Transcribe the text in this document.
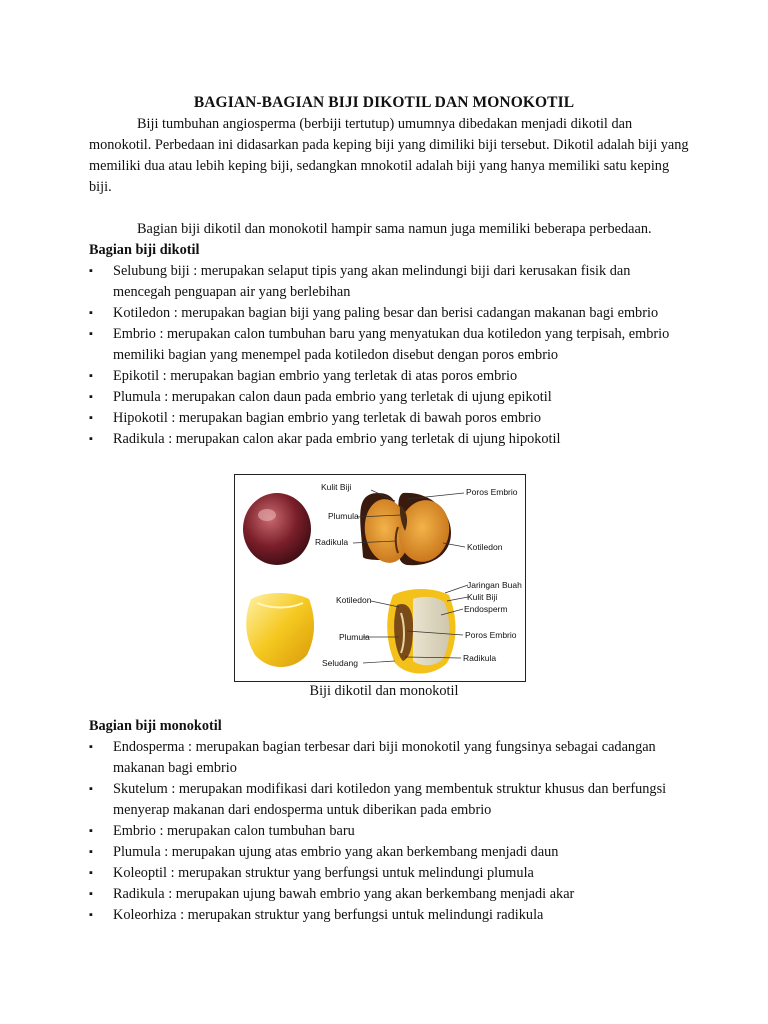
BAGIAN-BAGIAN BIJI DIKOTIL DAN MONOKOTIL

Biji tumbuhan angiosperma (berbiji tertutup) umumnya dibedakan menjadi dikotil dan monokotil. Perbedaan ini didasarkan pada keping biji yang dimiliki biji tersebut. Dikotil adalah biji yang memiliki dua atau lebih keping biji, sedangkan mnokotil adalah biji yang hanya memiliki satu keping biji.

Bagian biji dikotil dan monokotil hampir sama namun juga memiliki beberapa perbedaan.

Bagian biji dikotil
▪ Selubung biji : merupakan selaput tipis yang akan melindungi biji dari kerusakan fisik dan mencegah penguapan air yang berlebihan
▪ Kotiledon : merupakan bagian biji yang paling besar dan berisi cadangan makanan bagi embrio
▪ Embrio : merupakan calon tumbuhan baru yang menyatukan dua kotiledon yang terpisah, embrio memiliki bagian yang menempel pada kotiledon disebut dengan poros embrio
▪ Epikotil : merupakan bagian embrio yang terletak di atas poros embrio
▪ Plumula : merupakan calon daun pada embrio yang terletak di ujung epikotil
▪ Hipokotil : merupakan bagian embrio yang terletak di bawah poros embrio
▪ Radikula : merupakan calon akar pada embrio yang terletak di ujung hipokotil
Kulit Biji
Plumula
Radikula
Poros Embrio
Kotiledon
Jaringan Buah
Kulit Biji
Endosperm
Poros Embrio
Radikula
Kotiledon
Plumula
Seludang
Biji dikotil dan monokotil
Bagian biji monokotil
▪ Endosperma : merupakan bagian terbesar dari biji monokotil yang fungsinya sebagai cadangan makanan bagi embrio
▪ Skutelum : merupakan modifikasi dari kotiledon yang membentuk struktur khusus dan berfungsi menyerap makanan dari endosperma untuk diberikan pada embrio
▪ Embrio : merupakan calon tumbuhan baru
▪ Plumula : merupakan ujung atas embrio yang akan berkembang menjadi daun
▪ Koleoptil : merupakan struktur yang berfungsi untuk melindungi plumula
▪ Radikula : merupakan ujung bawah embrio yang akan berkembang menjadi akar
▪ Koleorhiza : merupakan struktur yang berfungsi untuk melindungi radikula
